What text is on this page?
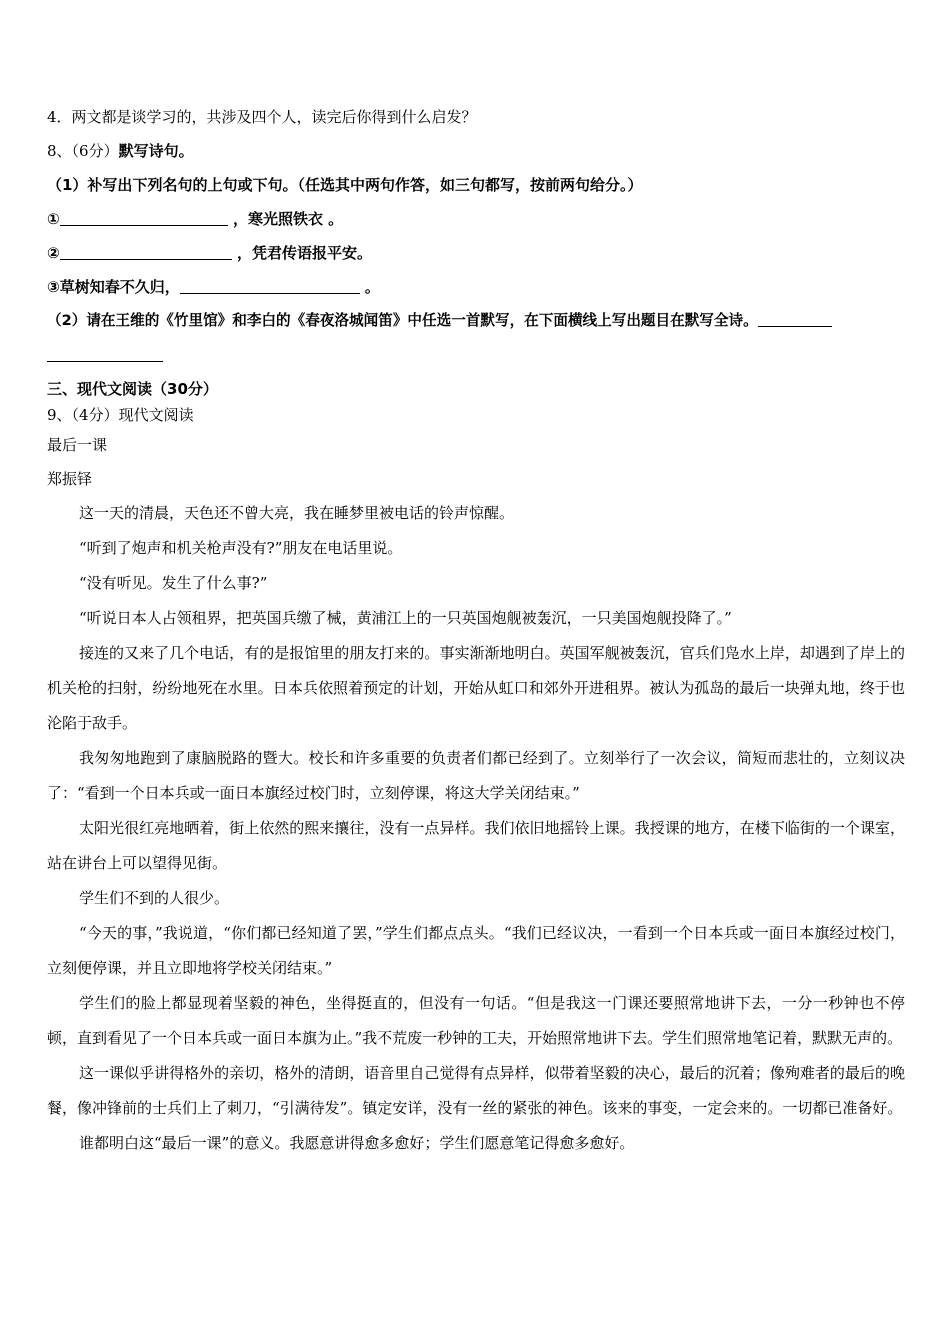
4．两文都是谈学习的，共涉及四个人，读完后你得到什么启发？
8、（6分）默写诗句。
（1）补写出下列名句的上句或下句。（任选其中两句作答，如三句都写，按前两句给分。）
①	，寒光照铁衣 。
②	，凭君传语报平安。
③草树知春不久归，	。
（2）请在王维的《竹里馆》和李白的《春夜洛城闻笛》中任选一首默写，在下面横线上写出题目在默写全诗。
三、现代文阅读（30分）
9、（4分）现代文阅读
最后一课
郑振铎

这一天的清晨，天色还不曾大亮，我在睡梦里被电话的铃声惊醒。

“听到了炮声和机关枪声没有?”朋友在电话里说。

“没有听见。发生了什么事?”

“听说日本人占领租界，把英国兵缴了械，黄浦江上的一只英国炮舰被轰沉，一只美国炮舰投降了。”

接连的又来了几个电话，有的是报馆里的朋友打来的。事实渐渐地明白。英国军舰被轰沉，官兵们凫水上岸，却遇到了岸上的机关枪的扫射，纷纷地死在水里。日本兵依照着预定的计划，开始从虹口和郊外开进租界。被认为孤岛的最后一块弹丸地，终于也沦陷于敌手。

我匆匆地跑到了康脑脱路的暨大。校长和许多重要的负责者们都已经到了。立刻举行了一次会议，简短而悲壮的，立刻议决了：“看到一个日本兵或一面日本旗经过校门时，立刻停课，将这大学关闭结束。”

太阳光很红亮地晒着，街上依然的熙来攘往，没有一点异样。我们依旧地摇铃上课。我授课的地方，在楼下临街的一个课室，站在讲台上可以望得见街。

学生们不到的人很少。

“今天的事，”我说道，“你们都已经知道了罢，”学生们都点点头。“我们已经议决，一看到一个日本兵或一面日本旗经过校门，立刻便停课，并且立即地将学校关闭结束。”

学生们的脸上都显现着坚毅的神色，坐得挺直的，但没有一句话。“但是我这一门课还要照常地讲下去，一分一秒钟也不停顿，直到看见了一个日本兵或一面日本旗为止。”我不荒废一秒钟的工夫，开始照常地讲下去。学生们照常地笔记着，默默无声的。

这一课似乎讲得格外的亲切，格外的清朗，语音里自己觉得有点异样，似带着坚毅的决心，最后的沉着；像殉难者的最后的晚餐，像冲锋前的士兵们上了刺刀，“引满待发”。镇定安详，没有一丝的紧张的神色。该来的事变，一定会来的。一切都已准备好。

谁都明白这“最后一课”的意义。我愿意讲得愈多愈好；学生们愿意笔记得愈多愈好。
